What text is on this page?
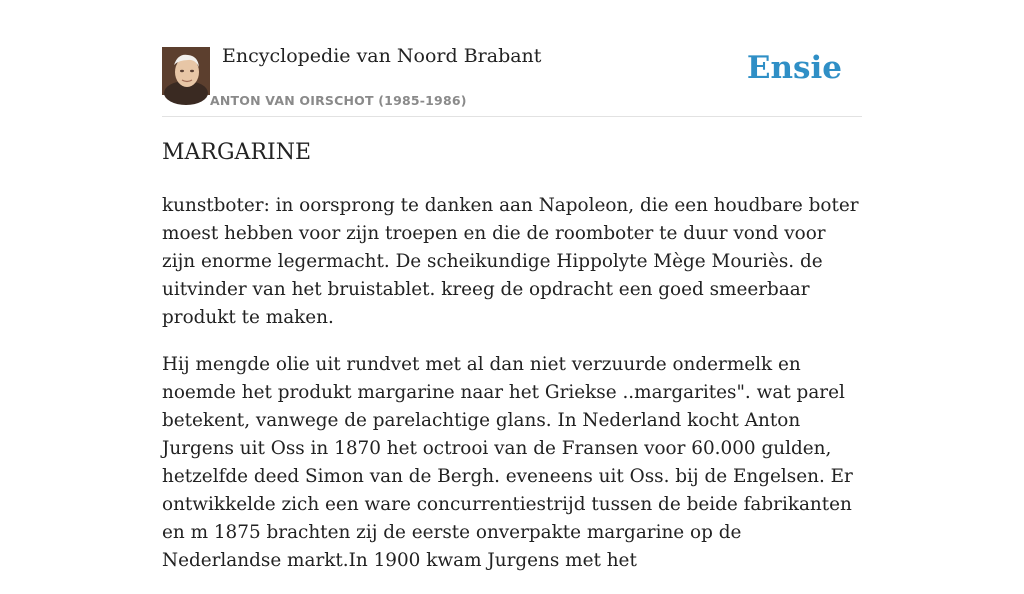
Encyclopedie van Noord Brabant
ANTON VAN OIRSCHOT (1985-1986)
Ensie
MARGARINE

kunstboter: in oorsprong te danken aan Napoleon, die een houdbare boter moest hebben voor zijn troepen en die de roomboter te duur vond voor zijn enorme legermacht. De scheikundige Hippolyte Mège Mouriès. de uitvinder van het bruistablet. kreeg de opdracht een goed smeerbaar produkt te maken.

Hij mengde olie uit rundvet met al dan niet verzuurde ondermelk en noemde het produkt margarine naar het Griekse ..margarites". wat parel betekent, vanwege de parelachtige glans. In Nederland kocht Anton Jurgens uit Oss in 1870 het octrooi van de Fransen voor 60.000 gulden, hetzelfde deed Simon van de Bergh. eveneens uit Oss. bij de Engelsen. Er ontwikkelde zich een ware concurrentiestrijd tussen de beide fabrikanten en m 1875 brachten zij de eerste onverpakte margarine op de Nederlandse markt.In 1900 kwam Jurgens met het
